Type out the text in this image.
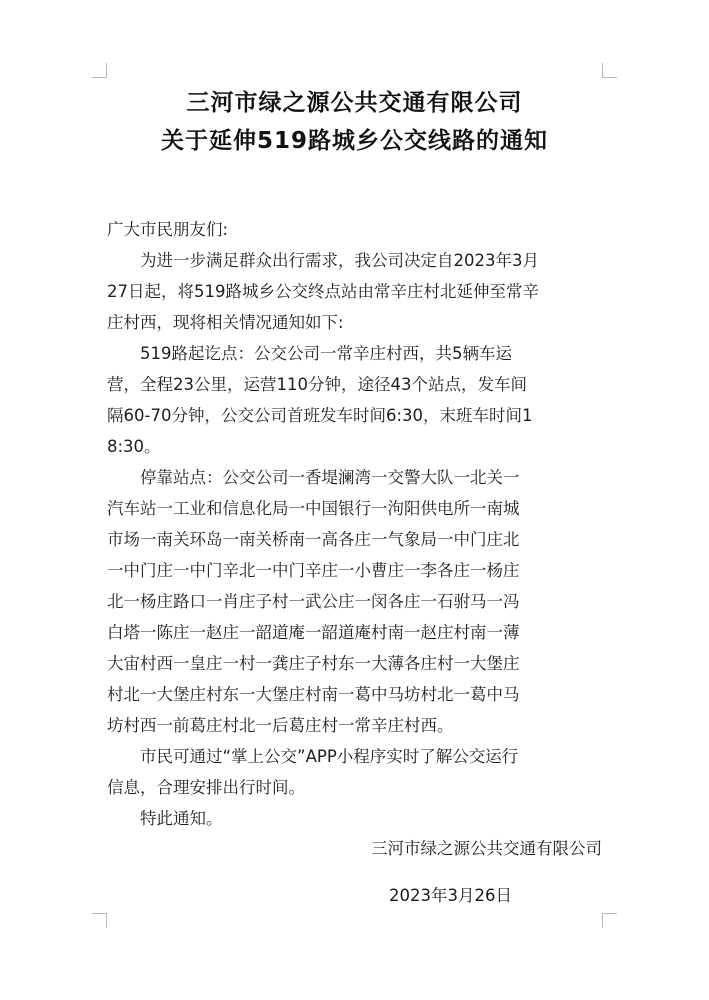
三河市绿之源公共交通有限公司
关于延伸519路城乡公交线路的通知
广大市民朋友们:
为进一步满足群众出行需求，我公司决定自2023年3月
27日起，将519路城乡公交终点站由常辛庄村北延伸至常辛
庄村西，现将相关情况通知如下:
519路起讫点：公交公司一常辛庄村西，共5辆车运
营，全程23公里，运营110分钟，途径43个站点，发车间
隔60-70分钟，公交公司首班发车时间6:30，末班车时间1
8:30。
停靠站点：公交公司一香堤澜湾一交警大队一北关一
汽车站一工业和信息化局一中国银行一泃阳供电所一南城
市场一南关环岛一南关桥南一高各庄一气象局一中门庄北
一中门庄一中门辛北一中门辛庄一小曹庄一李各庄一杨庄
北一杨庄路口一肖庄子村一武公庄一闵各庄一石驸马一冯
白塔一陈庄一赵庄一韶道庵一韶道庵村南一赵庄村南一薄
大宙村西一皇庄一村一龚庄子村东一大薄各庄村一大堡庄
村北一大堡庄村东一大堡庄村南一葛中马坊村北一葛中马
坊村西一前葛庄村北一后葛庄村一常辛庄村西。
市民可通过“掌上公交”APP小程序实时了解公交运行
信息，合理安排出行时间。
特此通知。
三河市绿之源公共交通有限公司
2023年3月26日
